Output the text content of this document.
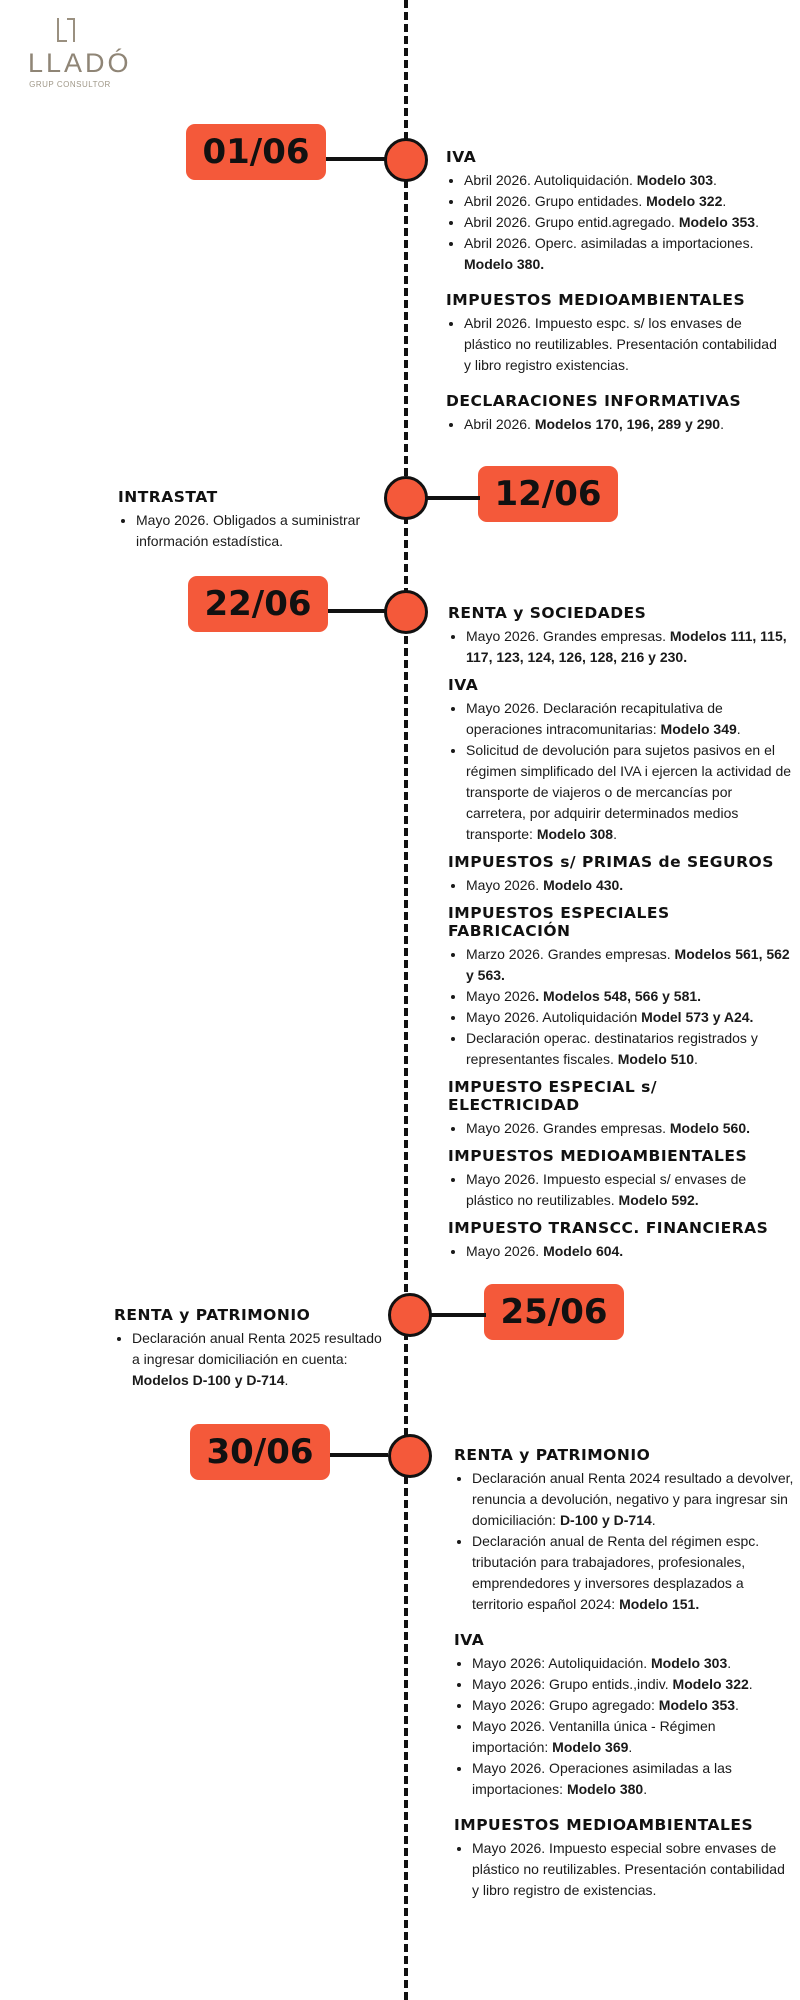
LLADÓ
GRUP CONSULTOR
01/06	IVA
• Abril 2026. Autoliquidación. Modelo 303.
• Abril 2026. Grupo entidades. Modelo 322.
• Abril 2026. Grupo entid.agregado. Modelo 353.
• Abril 2026. Operc. asimiladas a importaciones. Modelo 380.
IMPUESTOS MEDIOAMBIENTALES
• Abril 2026. Impuesto espc. s/ los envases de plástico no reutilizables. Presentación contabilidad y libro registro existencias.
DECLARACIONES INFORMATIVAS
• Abril 2026. Modelos 170, 196, 289 y 290.
12/06
INTRASTAT
• Mayo 2026. Obligados a suministrar información estadística.
22/06	RENTA y SOCIEDADES
• Mayo 2026. Grandes empresas. Modelos 111, 115, 117, 123, 124, 126, 128, 216 y 230.
IVA
• Mayo 2026. Declaración recapitulativa de operaciones intracomunitarias: Modelo 349.
• Solicitud de devolución para sujetos pasivos en el régimen simplificado del IVA i ejercen la actividad de transporte de viajeros o de mercancías por carretera, por adquirir determinados medios transporte: Modelo 308.
IMPUESTOS s/ PRIMAS de SEGUROS
• Mayo 2026. Modelo 430.
IMPUESTOS ESPECIALES FABRICACIÓN
• Marzo 2026. Grandes empresas. Modelos 561, 562 y 563.
• Mayo 2026. Modelos 548, 566 y 581.
• Mayo 2026. Autoliquidación Model 573 y A24.
• Declaración operac. destinatarios registrados y representantes fiscales. Modelo 510.
IMPUESTO ESPECIAL s/ ELECTRICIDAD
• Mayo 2026. Grandes empresas. Modelo 560.
IMPUESTOS MEDIOAMBIENTALES
• Mayo 2026. Impuesto especial s/ envases de plástico no reutilizables. Modelo 592.
IMPUESTO TRANSCC. FINANCIERAS
• Mayo 2026. Modelo 604.
25/06
RENTA y PATRIMONIO
• Declaración anual Renta 2025 resultado a ingresar domiciliación en cuenta: Modelos D-100 y D-714.
30/06	RENTA y PATRIMONIO
• Declaración anual Renta 2024 resultado a devolver, renuncia a devolución, negativo y para ingresar sin domiciliación: D-100 y D-714.
• Declaración anual de Renta del régimen espc. tributación para trabajadores, profesionales, emprendedores y inversores desplazados a territorio español 2024: Modelo 151.
IVA
• Mayo 2026: Autoliquidación. Modelo 303.
• Mayo 2026: Grupo entids.,indiv. Modelo 322.
• Mayo 2026: Grupo agregado: Modelo 353.
• Mayo 2026. Ventanilla única - Régimen importación: Modelo 369.
• Mayo 2026. Operaciones asimiladas a las importaciones: Modelo 380.
IMPUESTOS MEDIOAMBIENTALES
• Mayo 2026. Impuesto especial sobre envases de plástico no reutilizables. Presentación contabilidad y libro registro de existencias.
